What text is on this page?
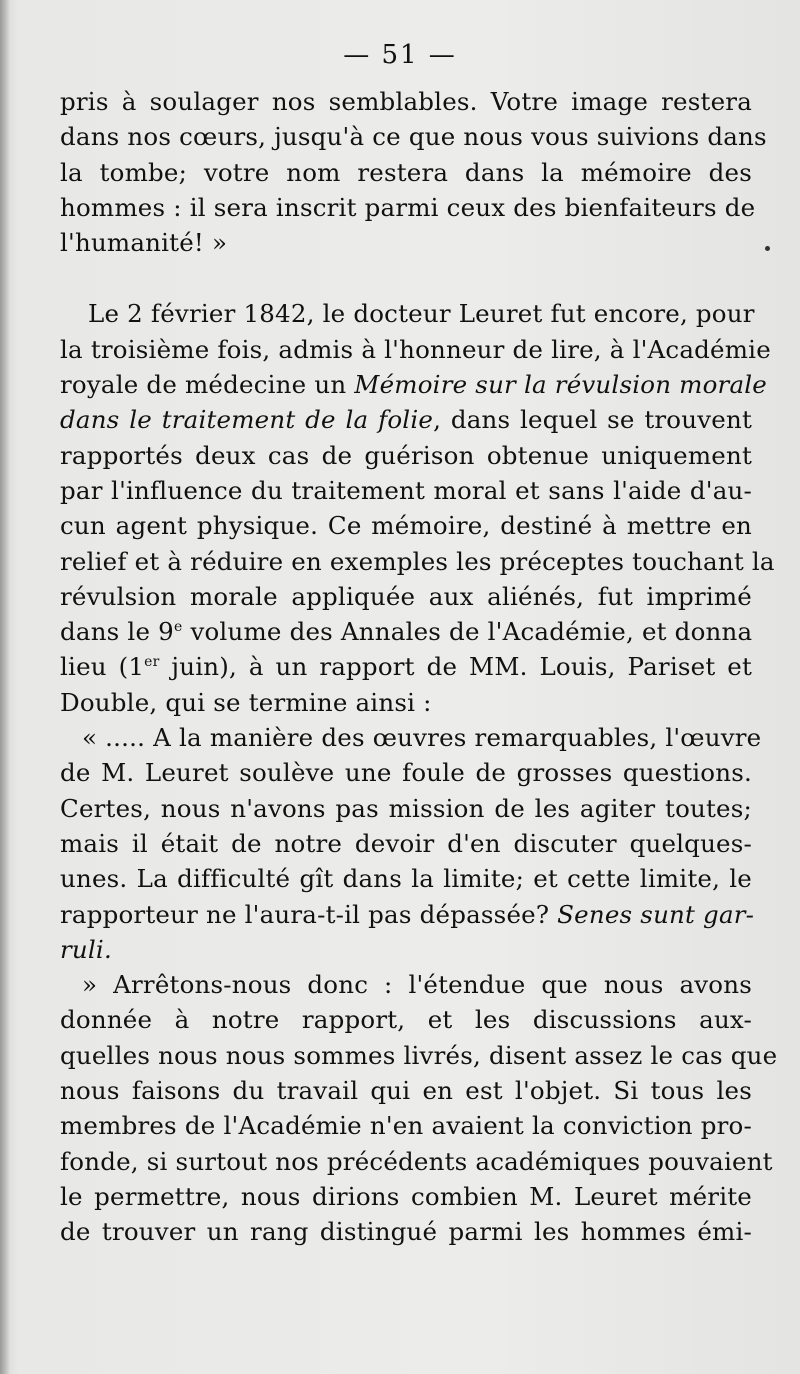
— 51 —
pris à soulager nos semblables. Votre image restera
dans nos cœurs, jusqu'à ce que nous vous suivions dans
la tombe; votre nom restera dans la mémoire des
hommes : il sera inscrit parmi ceux des bienfaiteurs de
l'humanité! »
Le 2 février 1842, le docteur Leuret fut encore, pour
la troisième fois, admis à l'honneur de lire, à l'Académie
royale de médecine un Mémoire sur la révulsion morale
dans le traitement de la folie, dans lequel se trouvent
rapportés deux cas de guérison obtenue uniquement
par l'influence du traitement moral et sans l'aide d'au-
cun agent physique. Ce mémoire, destiné à mettre en
relief et à réduire en exemples les préceptes touchant la
révulsion morale appliquée aux aliénés, fut imprimé
dans le 9e volume des Annales de l'Académie, et donna
lieu (1er juin), à un rapport de MM. Louis, Pariset et
Double, qui se termine ainsi :
« ..... A la manière des œuvres remarquables, l'œuvre
de M. Leuret soulève une foule de grosses questions.
Certes, nous n'avons pas mission de les agiter toutes;
mais il était de notre devoir d'en discuter quelques-
unes. La difficulté gît dans la limite; et cette limite, le
rapporteur ne l'aura-t-il pas dépassée? Senes sunt gar-
ruli.
» Arrêtons-nous donc : l'étendue que nous avons
donnée à notre rapport, et les discussions aux-
quelles nous nous sommes livrés, disent assez le cas que
nous faisons du travail qui en est l'objet. Si tous les
membres de l'Académie n'en avaient la conviction pro-
fonde, si surtout nos précédents académiques pouvaient
le permettre, nous dirions combien M. Leuret mérite
de trouver un rang distingué parmi les hommes émi-
